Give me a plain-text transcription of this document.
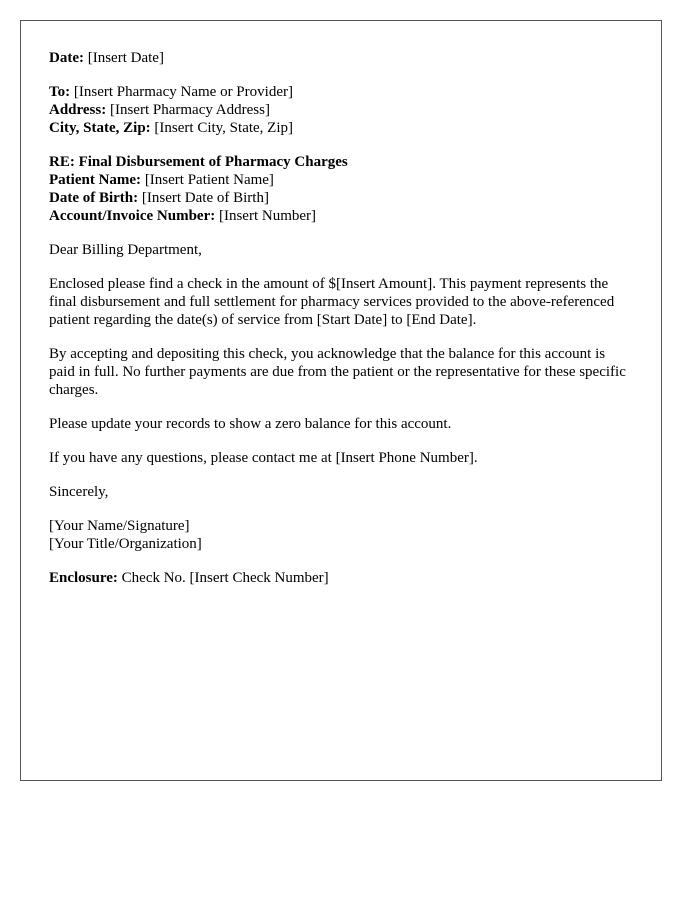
Date: [Insert Date]
To: [Insert Pharmacy Name or Provider]
Address: [Insert Pharmacy Address]
City, State, Zip: [Insert City, State, Zip]
RE: Final Disbursement of Pharmacy Charges
Patient Name: [Insert Patient Name]
Date of Birth: [Insert Date of Birth]
Account/Invoice Number: [Insert Number]

Dear Billing Department,

Enclosed please find a check in the amount of $[Insert Amount]. This payment represents the final disbursement and full settlement for pharmacy services provided to the above-referenced patient regarding the date(s) of service from [Start Date] to [End Date].

By accepting and depositing this check, you acknowledge that the balance for this account is paid in full. No further payments are due from the patient or the representative for these specific charges.

Please update your records to show a zero balance for this account.

If you have any questions, please contact me at [Insert Phone Number].

Sincerely,

[Your Name/Signature]
[Your Title/Organization]
Enclosure: Check No. [Insert Check Number]
